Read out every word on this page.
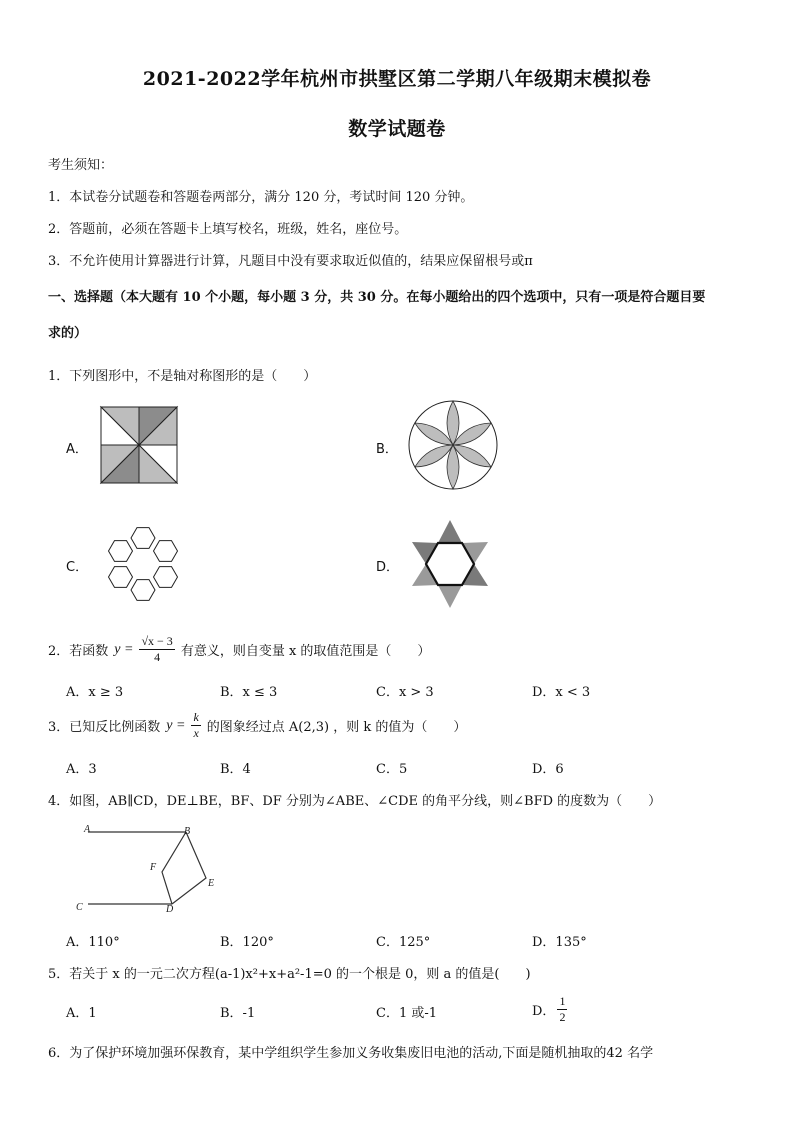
2021-2022学年杭州市拱墅区第二学期八年级期末模拟卷
数学试题卷
考生须知：
1．本试卷分试题卷和答题卷两部分，满分 120 分，考试时间 120 分钟。
2．答题前，必须在答题卡上填写校名，班级，姓名，座位号。
3．不允许使用计算器进行计算，凡题目中没有要求取近似值的，结果应保留根号或π
一、选择题（本大题有 10 个小题，每小题 3 分，共 30 分。在每小题给出的四个选项中，只有一项是符合题目要
求的）
1．下列图形中，不是轴对称图形的是（　　）
A．	B．
C．	D．
2．若函数 $y = \frac{√x - 3}{4}$ 有意义，则自变量 x 的取值范围是（　　）
A．x ≥ 3	B．x ≤ 3	C．x > 3	D．x < 3
3．已知反比例函数 $y = \frac{k}{x}$ 的图象经过点 A(2,3) ，则 k 的值为（　　）
A．3	B．4	C．5	D．6
4．如图，AB∥CD，DE⊥BE，BF、DF 分别为∠ABE、∠CDE 的角平分线，则∠BFD 的度数为（　　）
A	B
C	D
E
F
A．110°	B．120°	C．125°	D．135°
5．若关于 x 的一元二次方程(a-1)x²+x+a²-1=0 的一个根是 0，则 a 的值是(　　)
A．1	B．-1	C．1 或-1	D． $\frac{1}{2}$
6．为了保护环境加强环保教育，某中学组织学生参加义务收集废旧电池的活动,下面是随机抽取的42 名学
